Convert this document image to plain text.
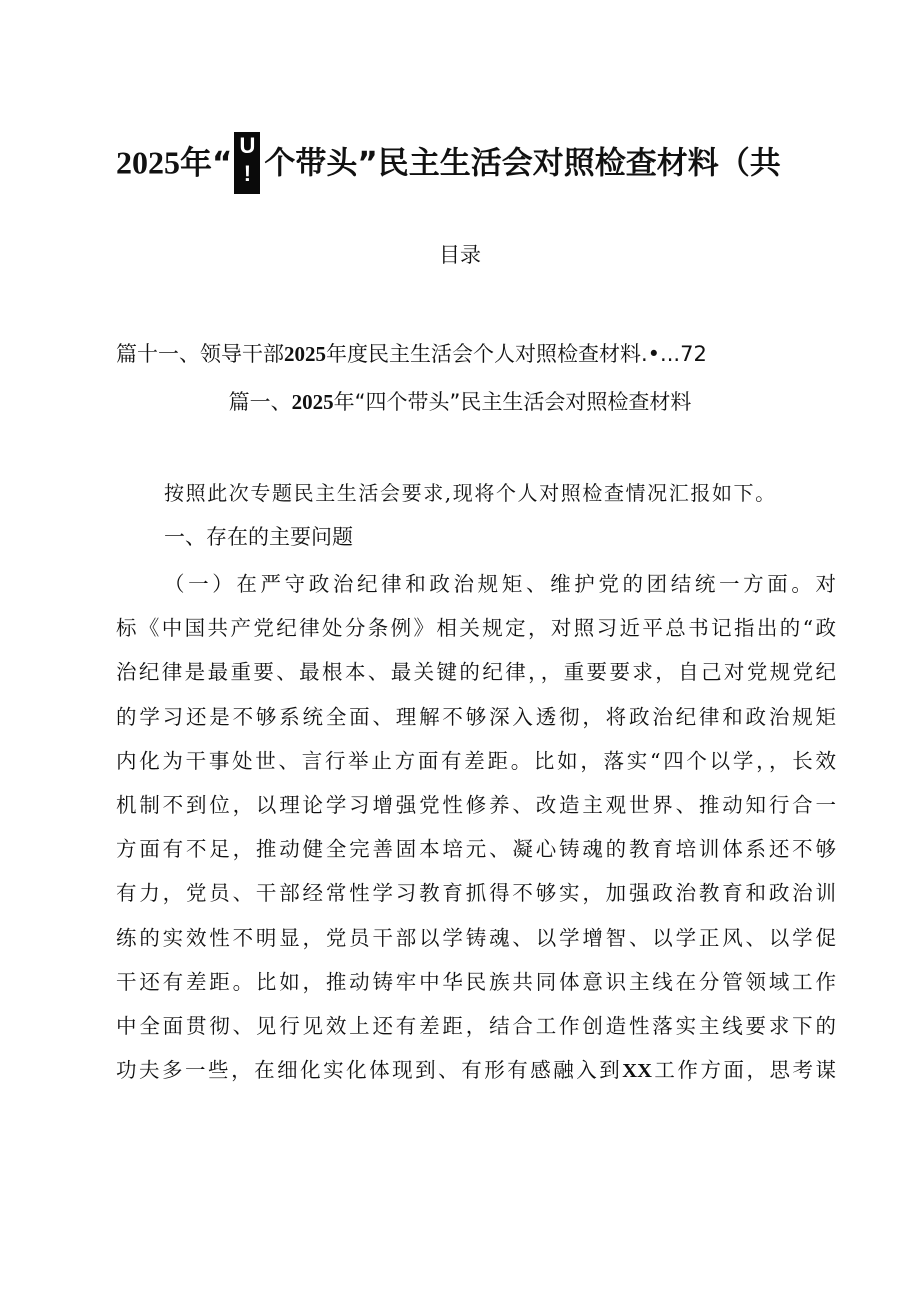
2025年“ U
! 个带头”民主生活会对照检查材料（共
目录
篇十一、领导干部2025年度民主生活会个人对照检查材料.•...72
篇一、2025年“四个带头”民主生活会对照检查材料
按照此次专题民主生活会要求,现将个人对照检查情况汇报如下。
一、存在的主要问题
（一）在严守政治纪律和政治规矩、维护党的团结统一方面。对
标《中国共产党纪律处分条例》相关规定，对照习近平总书记指出的“政
治纪律是最重要、最根本、最关键的纪律，，重要要求，自己对党规党纪
的学习还是不够系统全面、理解不够深入透彻，将政治纪律和政治规矩
内化为干事处世、言行举止方面有差距。比如，落实“四个以学，，长效
机制不到位，以理论学习增强党性修养、改造主观世界、推动知行合一
方面有不足，推动健全完善固本培元、凝心铸魂的教育培训体系还不够
有力，党员、干部经常性学习教育抓得不够实，加强政治教育和政治训
练的实效性不明显，党员干部以学铸魂、以学增智、以学正风、以学促
干还有差距。比如，推动铸牢中华民族共同体意识主线在分管领域工作
中全面贯彻、见行见效上还有差距，结合工作创造性落实主线要求下的
功夫多一些，在细化实化体现到、有形有感融入到XX工作方面，思考谋
